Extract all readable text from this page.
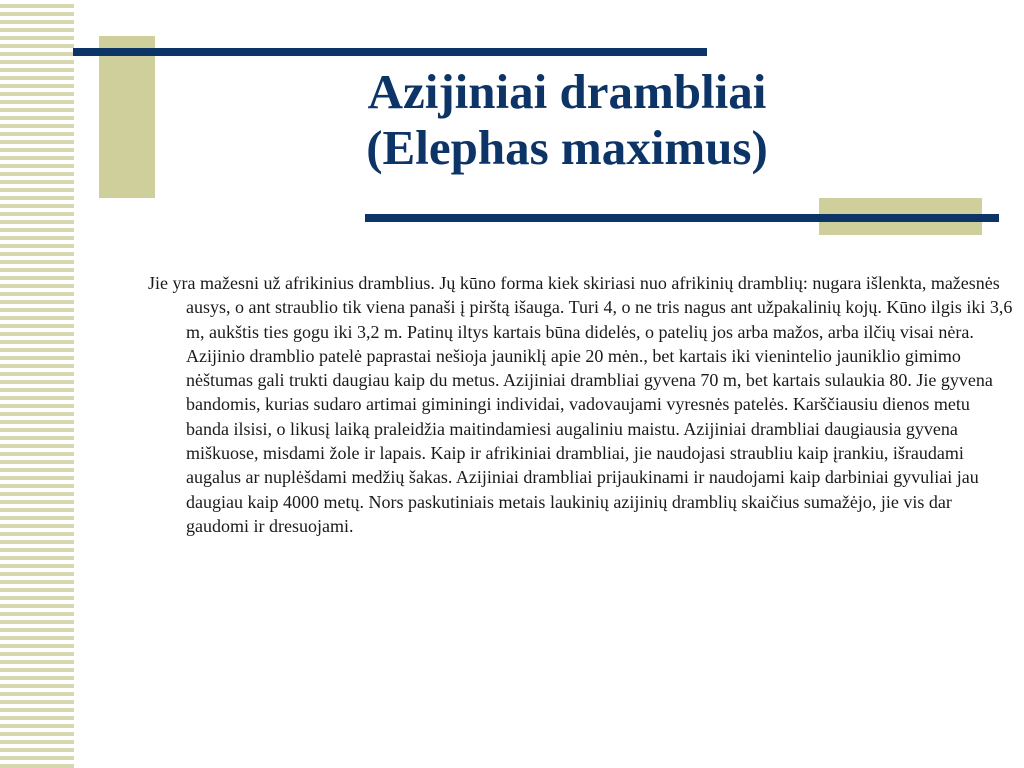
Azijiniai drambliai
(Elephas maximus)

Jie yra mažesni už afrikinius dramblius. Jų kūno forma kiek skiriasi nuo afrikinių dramblių: nugara išlenkta, mažesnės ausys, o ant straublio tik viena panaši į pirštą išauga. Turi 4, o ne tris nagus ant užpakalinių kojų. Kūno ilgis iki 3,6 m, aukštis ties gogu iki 3,2 m. Patinų iltys kartais būna didelės, o patelių jos arba mažos, arba ilčių visai nėra. Azijinio dramblio patelė paprastai nešioja jauniklį apie 20 mėn., bet kartais iki vienintelio jauniklio gimimo nėštumas gali trukti daugiau kaip du metus. Azijiniai drambliai gyvena 70 m, bet kartais sulaukia 80. Jie gyvena bandomis, kurias sudaro artimai giminingi individai, vadovaujami vyresnės patelės. Karščiausiu dienos metu banda ilsisi, o likusį laiką praleidžia maitindamiesi augaliniu maistu. Azijiniai drambliai daugiausia gyvena miškuose, misdami žole ir lapais. Kaip ir afrikiniai drambliai, jie naudojasi straubliu kaip įrankiu, išraudami augalus ar nuplėšdami medžių šakas. Azijiniai drambliai prijaukinami ir naudojami kaip darbiniai gyvuliai jau daugiau kaip 4000 metų. Nors paskutiniais metais laukinių azijinių dramblių skaičius sumažėjo, jie vis dar gaudomi ir dresuojami.
